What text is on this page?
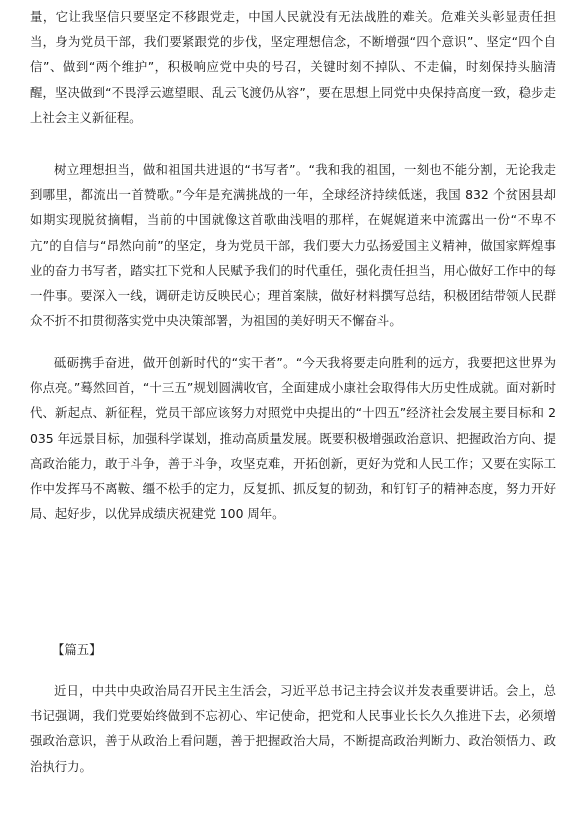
量，它让我坚信只要坚定不移跟党走，中国人民就没有无法战胜的难关。危难关头彰显责任担当，身为党员干部，我们要紧跟党的步伐，坚定理想信念，不断增强“四个意识”、坚定“四个自信”、做到“两个维护”，积极响应党中央的号召，关键时刻不掉队、不走偏，时刻保持头脑清醒，坚决做到“不畏浮云遮望眼、乱云飞渡仍从容”，要在思想上同党中央保持高度一致，稳步走上社会主义新征程。

树立理想担当，做和祖国共进退的“书写者”。“我和我的祖国，一刻也不能分割，无论我走到哪里，都流出一首赞歌。”今年是充满挑战的一年，全球经济持续低迷，我国 832 个贫困县却如期实现脱贫摘帽，当前的中国就像这首歌曲浅唱的那样，在娓娓道来中流露出一份“不卑不亢”的自信与“昂然向前”的坚定，身为党员干部，我们要大力弘扬爱国主义精神，做国家辉煌事业的奋力书写者，踏实扛下党和人民赋予我们的时代重任，强化责任担当，用心做好工作中的每一件事。要深入一线，调研走访反映民心；理首案牍，做好材料撰写总结，积极团结带领人民群众不折不扣贯彻落实党中央决策部署，为祖国的美好明天不懈奋斗。

砥砺携手奋进，做开创新时代的“实干者”。“今天我将要走向胜利的远方，我要把这世界为你点亮。”蓦然回首，“十三五”规划圆满收官，全面建成小康社会取得伟大历史性成就。面对新时代、新起点、新征程，党员干部应该努力对照党中央提出的“十四五”经济社会发展主要目标和 2035 年远景目标，加强科学谋划，推动高质量发展。既要积极增强政治意识、把握政治方向、提高政治能力，敢于斗争，善于斗争，攻坚克难，开拓创新，更好为党和人民工作；又要在实际工作中发挥马不离鞍、缰不松手的定力，反复抓、抓反复的韧劲，和钉钉子的精神态度，努力开好局、起好步，以优异成绩庆祝建党 100 周年。

【篇五】

近日，中共中央政治局召开民主生活会，习近平总书记主持会议并发表重要讲话。会上，总书记强调，我们党要始终做到不忘初心、牢记使命，把党和人民事业长长久久推进下去，必须增强政治意识，善于从政治上看问题，善于把握政治大局，不断提高政治判断力、政治领悟力、政治执行力。
